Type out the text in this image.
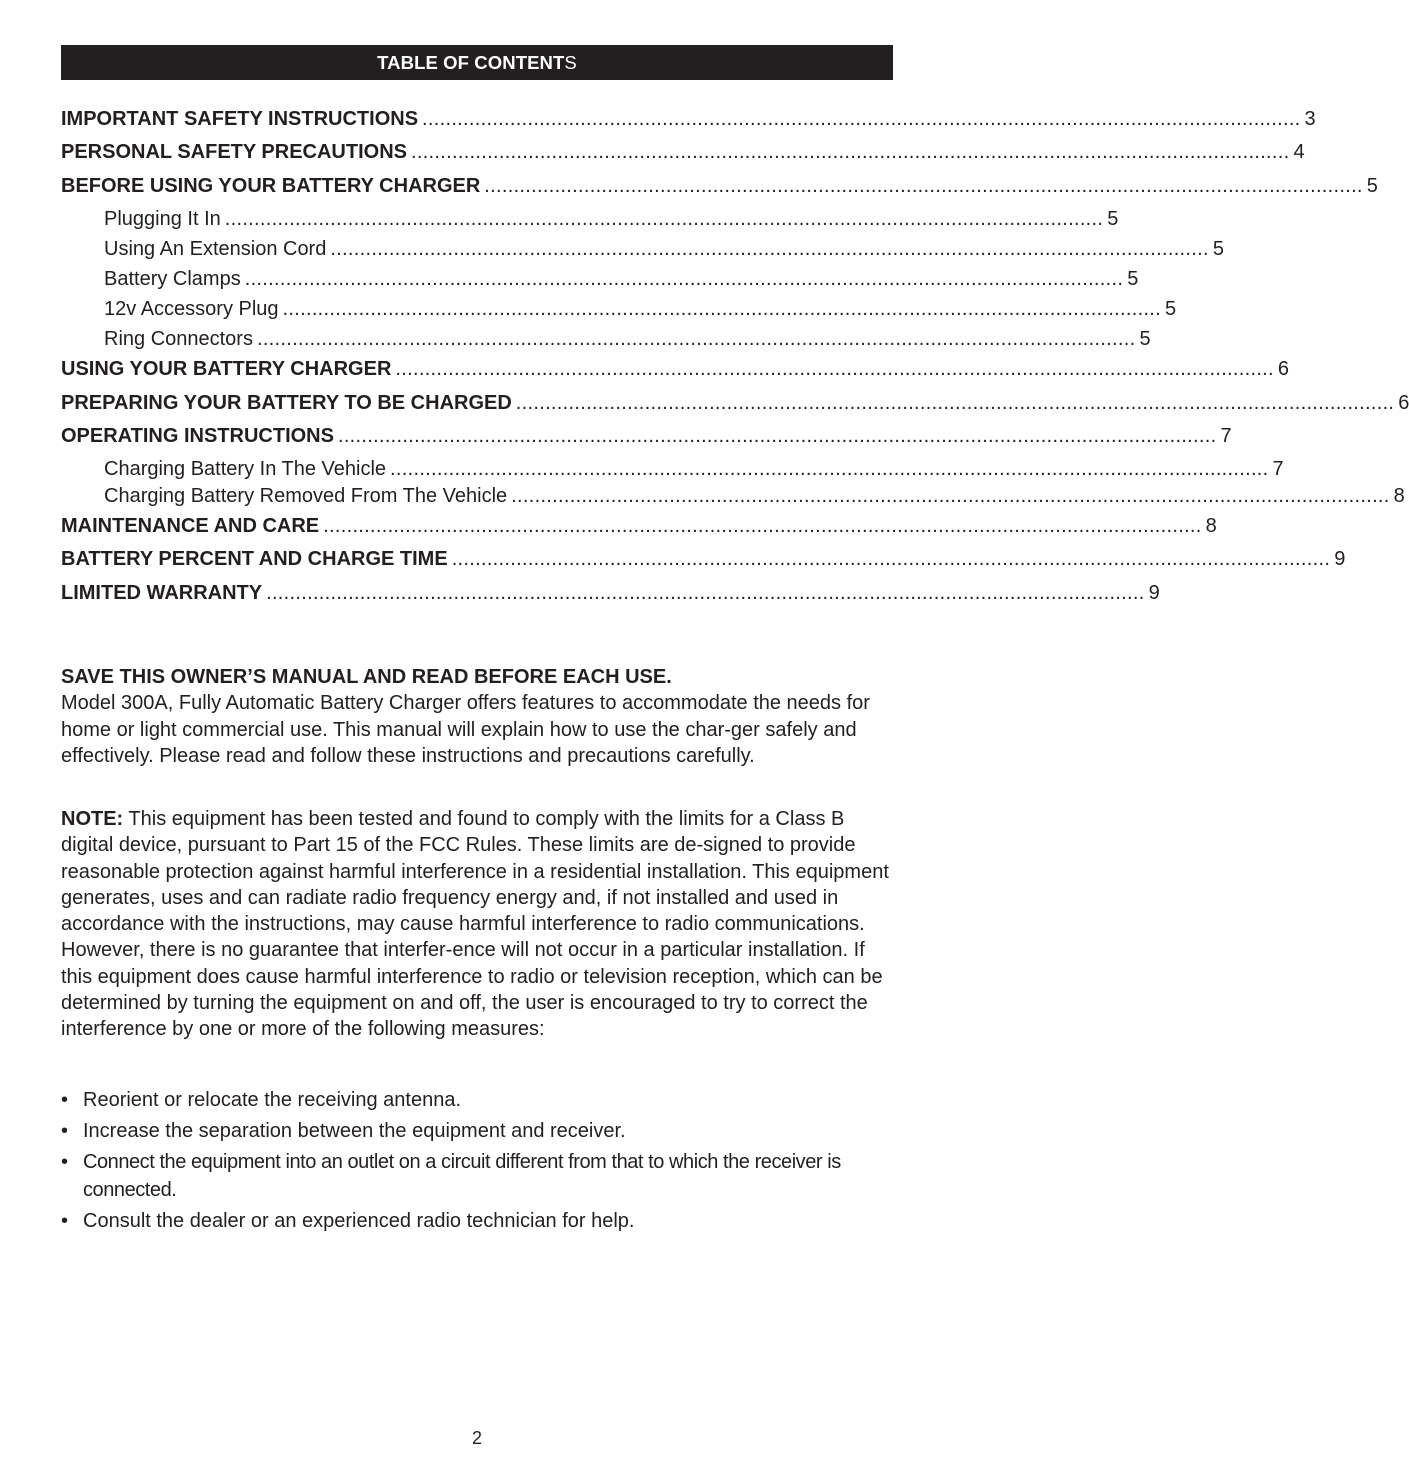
TABLE OF CONTENT S
IMPORTANT SAFETY INSTRUCTIONS ...................................................................................................................................................... 3
PERSONAL SAFETY PRECAUTIONS ...................................................................................................................................................... 4
BEFORE USING YOUR BATTERY CHARGER ...................................................................................................................................................... 5
Plugging It In ...................................................................................................................................................... 5
Using An Extension Cord ...................................................................................................................................................... 5
Battery Clamps ...................................................................................................................................................... 5
12v Accessory Plug ...................................................................................................................................................... 5
Ring Connectors ...................................................................................................................................................... 5
USING YOUR BATTERY CHARGER ...................................................................................................................................................... 6
PREPARING YOUR BATTERY TO BE CHARGED ...................................................................................................................................................... 6
OPERATING INSTRUCTIONS ...................................................................................................................................................... 7
Charging Battery In The Vehicle ...................................................................................................................................................... 7
Charging Battery Removed From The Vehicle ...................................................................................................................................................... 8
MAINTENANCE AND CARE ...................................................................................................................................................... 8
BATTERY PERCENT AND CHARGE TIME ...................................................................................................................................................... 9
LIMITED WARRANTY ...................................................................................................................................................... 9

SAVE THIS OWNER’S MANUAL AND READ BEFORE EACH USE.

Model 300A, Fully Automatic Battery Charger offers features to accommodate the needs for home or light commercial use. This manual will explain how to use the char-ger safely and effectively. Please read and follow these instructions and precautions carefully.

NOTE: This equipment has been tested and found to comply with the limits for a Class B digital device, pursuant to Part 15 of the FCC Rules. These limits are de-signed to provide reasonable protection against harmful interference in a residential installation. This equipment generates, uses and can radiate radio frequency energy and, if not installed and used in accordance with the instructions, may cause harmful interference to radio communications. However, there is no guarantee that interfer-ence will not occur in a particular installation. If this equipment does cause harmful interference to radio or television reception, which can be determined by turning the equipment on and off, the user is encouraged to try to correct the interference by one or more of the following measures:

• Reorient or relocate the receiving antenna.
• Increase the separation between the equipment and receiver.
• Connect the equipment into an outlet on a circuit different from that to which the receiver is connected.
• Consult the dealer or an experienced radio technician for help.
2
